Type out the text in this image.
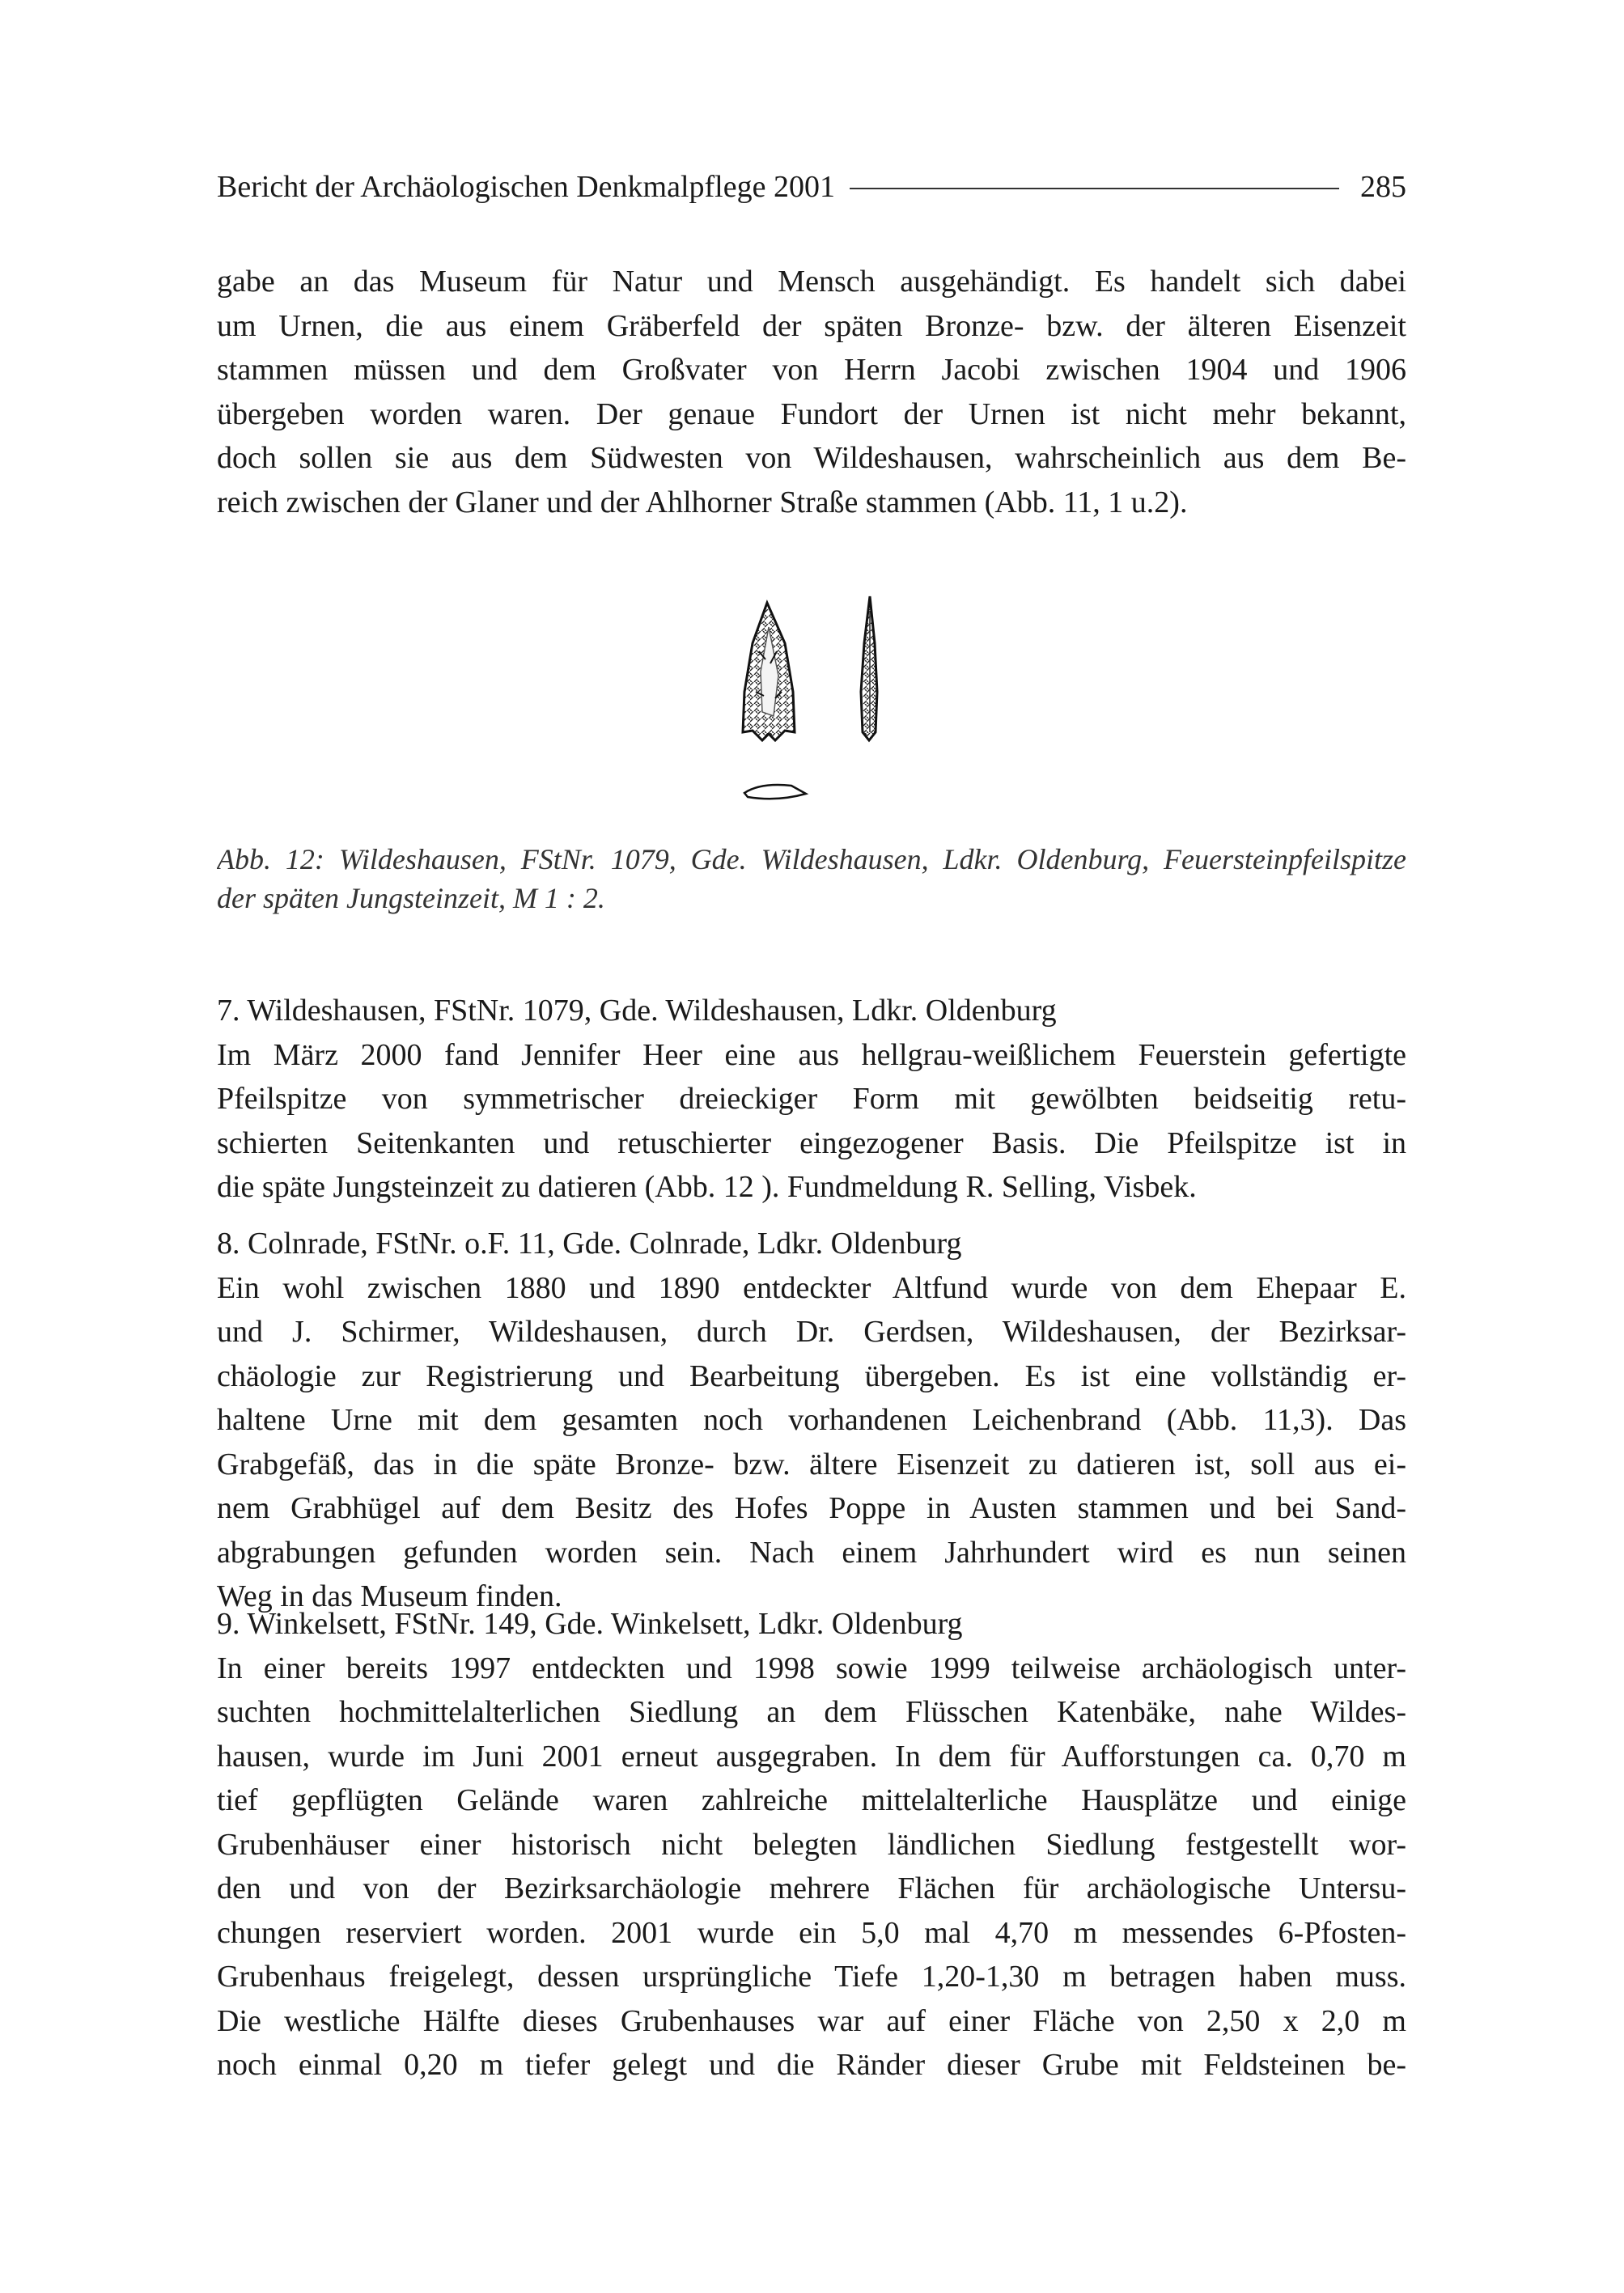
Bericht der Archäologischen Denkmalpflege 2001	285
gabe an das Museum für Natur und Mensch ausgehändigt. Es handelt sich dabei
um Urnen, die aus einem Gräberfeld der späten Bronze- bzw. der älteren Eisenzeit
stammen müssen und dem Großvater von Herrn Jacobi zwischen 1904 und 1906
übergeben worden waren. Der genaue Fundort der Urnen ist nicht mehr bekannt,
doch sollen sie aus dem Südwesten von Wildeshausen, wahrscheinlich aus dem Be-
reich zwischen der Glaner und der Ahlhorner Straße stammen (Abb. 11, 1 u.2).
Abb. 12: Wildeshausen, FStNr. 1079, Gde. Wildeshausen, Ldkr. Oldenburg, Feuersteinpfeilspitze
der späten Jungsteinzeit, M 1 : 2.
7. Wildeshausen, FStNr. 1079, Gde. Wildeshausen, Ldkr. Oldenburg
Im März 2000 fand Jennifer Heer eine aus hellgrau-weißlichem Feuerstein gefertigte
Pfeilspitze von symmetrischer dreieckiger Form mit gewölbten beidseitig retu-
schierten Seitenkanten und retuschierter eingezogener Basis. Die Pfeilspitze ist in
die späte Jungsteinzeit zu datieren (Abb. 12 ). Fundmeldung R. Selling, Visbek.
8. Colnrade, FStNr. o.F. 11, Gde. Colnrade, Ldkr. Oldenburg
Ein wohl zwischen 1880 und 1890 entdeckter Altfund wurde von dem Ehepaar E.
und J. Schirmer, Wildeshausen, durch Dr. Gerdsen, Wildeshausen, der Bezirksar-
chäologie zur Registrierung und Bearbeitung übergeben. Es ist eine vollständig er-
haltene Urne mit dem gesamten noch vorhandenen Leichenbrand (Abb. 11,3). Das
Grabgefäß, das in die späte Bronze- bzw. ältere Eisenzeit zu datieren ist, soll aus ei-
nem Grabhügel auf dem Besitz des Hofes Poppe in Austen stammen und bei Sand-
abgrabungen gefunden worden sein. Nach einem Jahrhundert wird es nun seinen
Weg in das Museum finden.
9. Winkelsett, FStNr. 149, Gde. Winkelsett, Ldkr. Oldenburg
In einer bereits 1997 entdeckten und 1998 sowie 1999 teilweise archäologisch unter-
suchten hochmittelalterlichen Siedlung an dem Flüsschen Katenbäke, nahe Wildes-
hausen, wurde im Juni 2001 erneut ausgegraben. In dem für Aufforstungen ca. 0,70 m
tief gepflügten Gelände waren zahlreiche mittelalterliche Hausplätze und einige
Grubenhäuser einer historisch nicht belegten ländlichen Siedlung festgestellt wor-
den und von der Bezirksarchäologie mehrere Flächen für archäologische Untersu-
chungen reserviert worden. 2001 wurde ein 5,0 mal 4,70 m messendes 6-Pfosten-
Grubenhaus freigelegt, dessen ursprüngliche Tiefe 1,20-1,30 m betragen haben muss.
Die westliche Hälfte dieses Grubenhauses war auf einer Fläche von 2,50 x 2,0 m
noch einmal 0,20 m tiefer gelegt und die Ränder dieser Grube mit Feldsteinen be-
